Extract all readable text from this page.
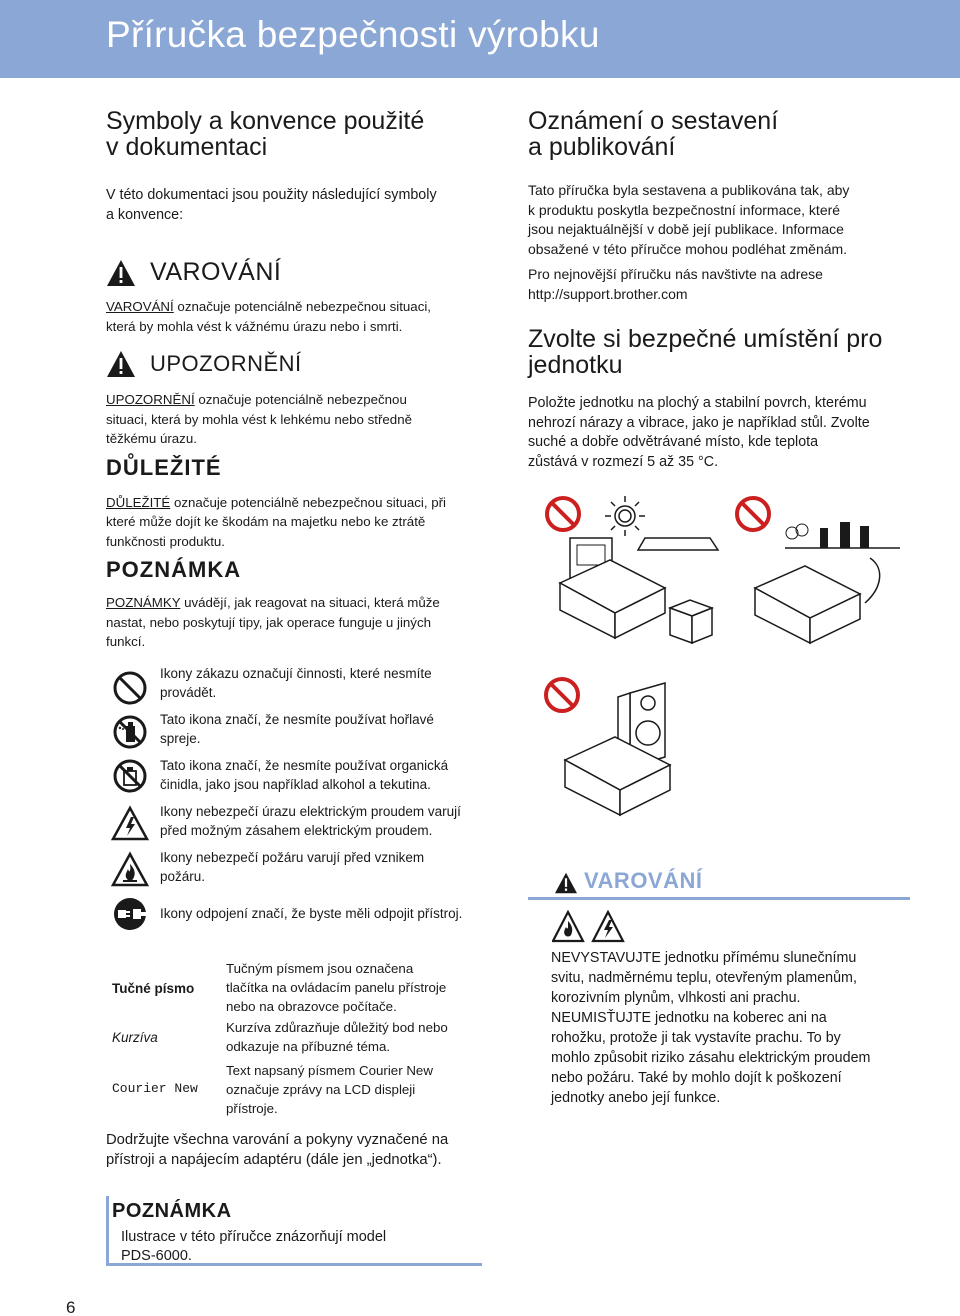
Příručka bezpečnosti výrobku
Symboly a konvence použité
v dokumentaci

V této dokumentaci jsou použity následující symboly
a konvence:

VAROVÁNÍ

VAROVÁNÍ označuje potenciálně nebezpečnou situaci,
která by mohla vést k vážnému úrazu nebo i smrti.

UPOZORNĚNÍ

UPOZORNĚNÍ označuje potenciálně nebezpečnou
situaci, která by mohla vést k lehkému nebo středně
těžkému úrazu.

DŮLEŽITÉ

DŮLEŽITÉ označuje potenciálně nebezpečnou situaci, při
které může dojít ke škodám na majetku nebo ke ztrátě
funkčnosti produktu.

POZNÁMKA

POZNÁMKY uvádějí, jak reagovat na situaci, která může
nastat, nebo poskytují tipy, jak operace funguje u jiných
funkcí.

Ikony zákazu označují činnosti, které nesmíte
provádět.
Tato ikona značí, že nesmíte používat hořlavé
spreje.
Tato ikona značí, že nesmíte používat organická
činidla, jako jsou například alkohol a tekutina.
Ikony nebezpečí úrazu elektrickým proudem varují
před možným zásahem elektrickým proudem.
Ikony nebezpečí požáru varují před vznikem
požáru.
Ikony odpojení značí, že byste měli odpojit přístroj.
Tučné písmo
Tučným písmem jsou označena
tlačítka na ovládacím panelu přístroje
nebo na obrazovce počítače.
Kurzíva
Kurzíva zdůrazňuje důležitý bod nebo
odkazuje na příbuzné téma.
Courier New
Text napsaný písmem Courier New
označuje zprávy na LCD displeji
přístroje.

Dodržujte všechna varování a pokyny vyznačené na
přístroji a napájecím adaptéru (dále jen „jednotka“).

POZNÁMKA
Ilustrace v této příručce znázorňují model
PDS-6000.
6
Oznámení o sestavení
a publikování

Tato příručka byla sestavena a publikována tak, aby
k produktu poskytla bezpečnostní informace, které
jsou nejaktuálnější v době její publikace. Informace
obsažené v této příručce mohou podléhat změnám.

Pro nejnovější příručku nás navštivte na adrese
http://support.brother.com

Zvolte si bezpečné umístění pro
jednotku

Položte jednotku na plochý a stabilní povrch, kterému
nehrozí nárazy a vibrace, jako je například stůl. Zvolte
suché a dobře odvětrávané místo, kde teplota
zůstává v rozmezí 5 až 35 °C.

VAROVÁNÍ

NEVYSTAVUJTE jednotku přímému slunečnímu
svitu, nadměrnému teplu, otevřeným plamenům,
korozivním plynům, vlhkosti ani prachu.
NEUMISŤUJTE jednotku na koberec ani na
rohožku, protože ji tak vystavíte prachu. To by
mohlo způsobit riziko zásahu elektrickým proudem
nebo požáru. Také by mohlo dojít k poškození
jednotky anebo její funkce.
